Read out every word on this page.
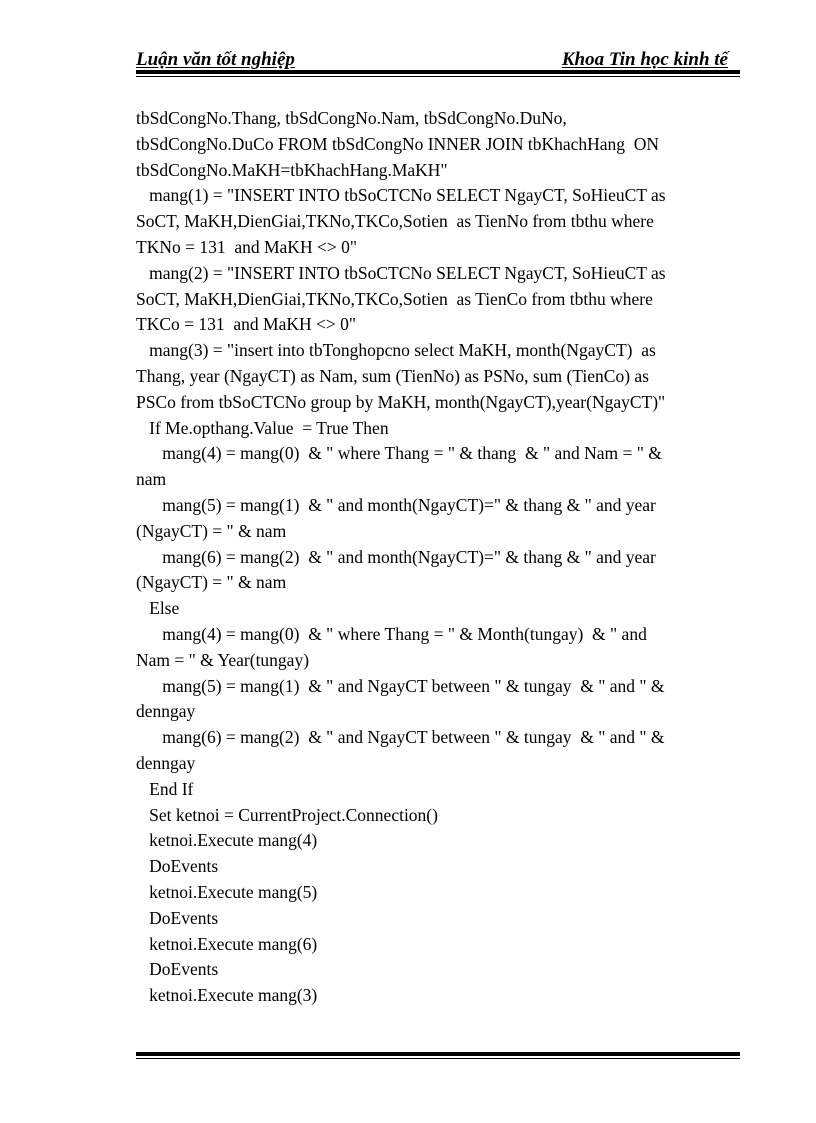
Luận văn tốt nghiệp	Khoa Tin học kinh tế
tbSdCongNo.Thang, tbSdCongNo.Nam, tbSdCongNo.DuNo,
tbSdCongNo.DuCo FROM tbSdCongNo INNER JOIN tbKhachHang  ON
tbSdCongNo.MaKH=tbKhachHang.MaKH"
mang(1) = "INSERT INTO tbSoCTCNo SELECT NgayCT, SoHieuCT as
SoCT, MaKH,DienGiai,TKNo,TKCo,Sotien  as TienNo from tbthu where
TKNo = 131  and MaKH <> 0"
mang(2) = "INSERT INTO tbSoCTCNo SELECT NgayCT, SoHieuCT as
SoCT, MaKH,DienGiai,TKNo,TKCo,Sotien  as TienCo from tbthu where
TKCo = 131  and MaKH <> 0"
mang(3) = "insert into tbTonghopcno select MaKH, month(NgayCT)  as
Thang, year (NgayCT) as Nam, sum (TienNo) as PSNo, sum (TienCo) as
PSCo from tbSoCTCNo group by MaKH, month(NgayCT),year(NgayCT)"
If Me.opthang.Value  = True Then
mang(4) = mang(0)  & " where Thang = " & thang  & " and Nam = " &
nam
mang(5) = mang(1)  & " and month(NgayCT)=" & thang & " and year
(NgayCT) = " & nam
mang(6) = mang(2)  & " and month(NgayCT)=" & thang & " and year
(NgayCT) = " & nam
Else
mang(4) = mang(0)  & " where Thang = " & Month(tungay)  & " and
Nam = " & Year(tungay)
mang(5) = mang(1)  & " and NgayCT between " & tungay  & " and " &
denngay
mang(6) = mang(2)  & " and NgayCT between " & tungay  & " and " &
denngay
End If
Set ketnoi = CurrentProject.Connection()
ketnoi.Execute mang(4)
DoEvents
ketnoi.Execute mang(5)
DoEvents
ketnoi.Execute mang(6)
DoEvents
ketnoi.Execute mang(3)
